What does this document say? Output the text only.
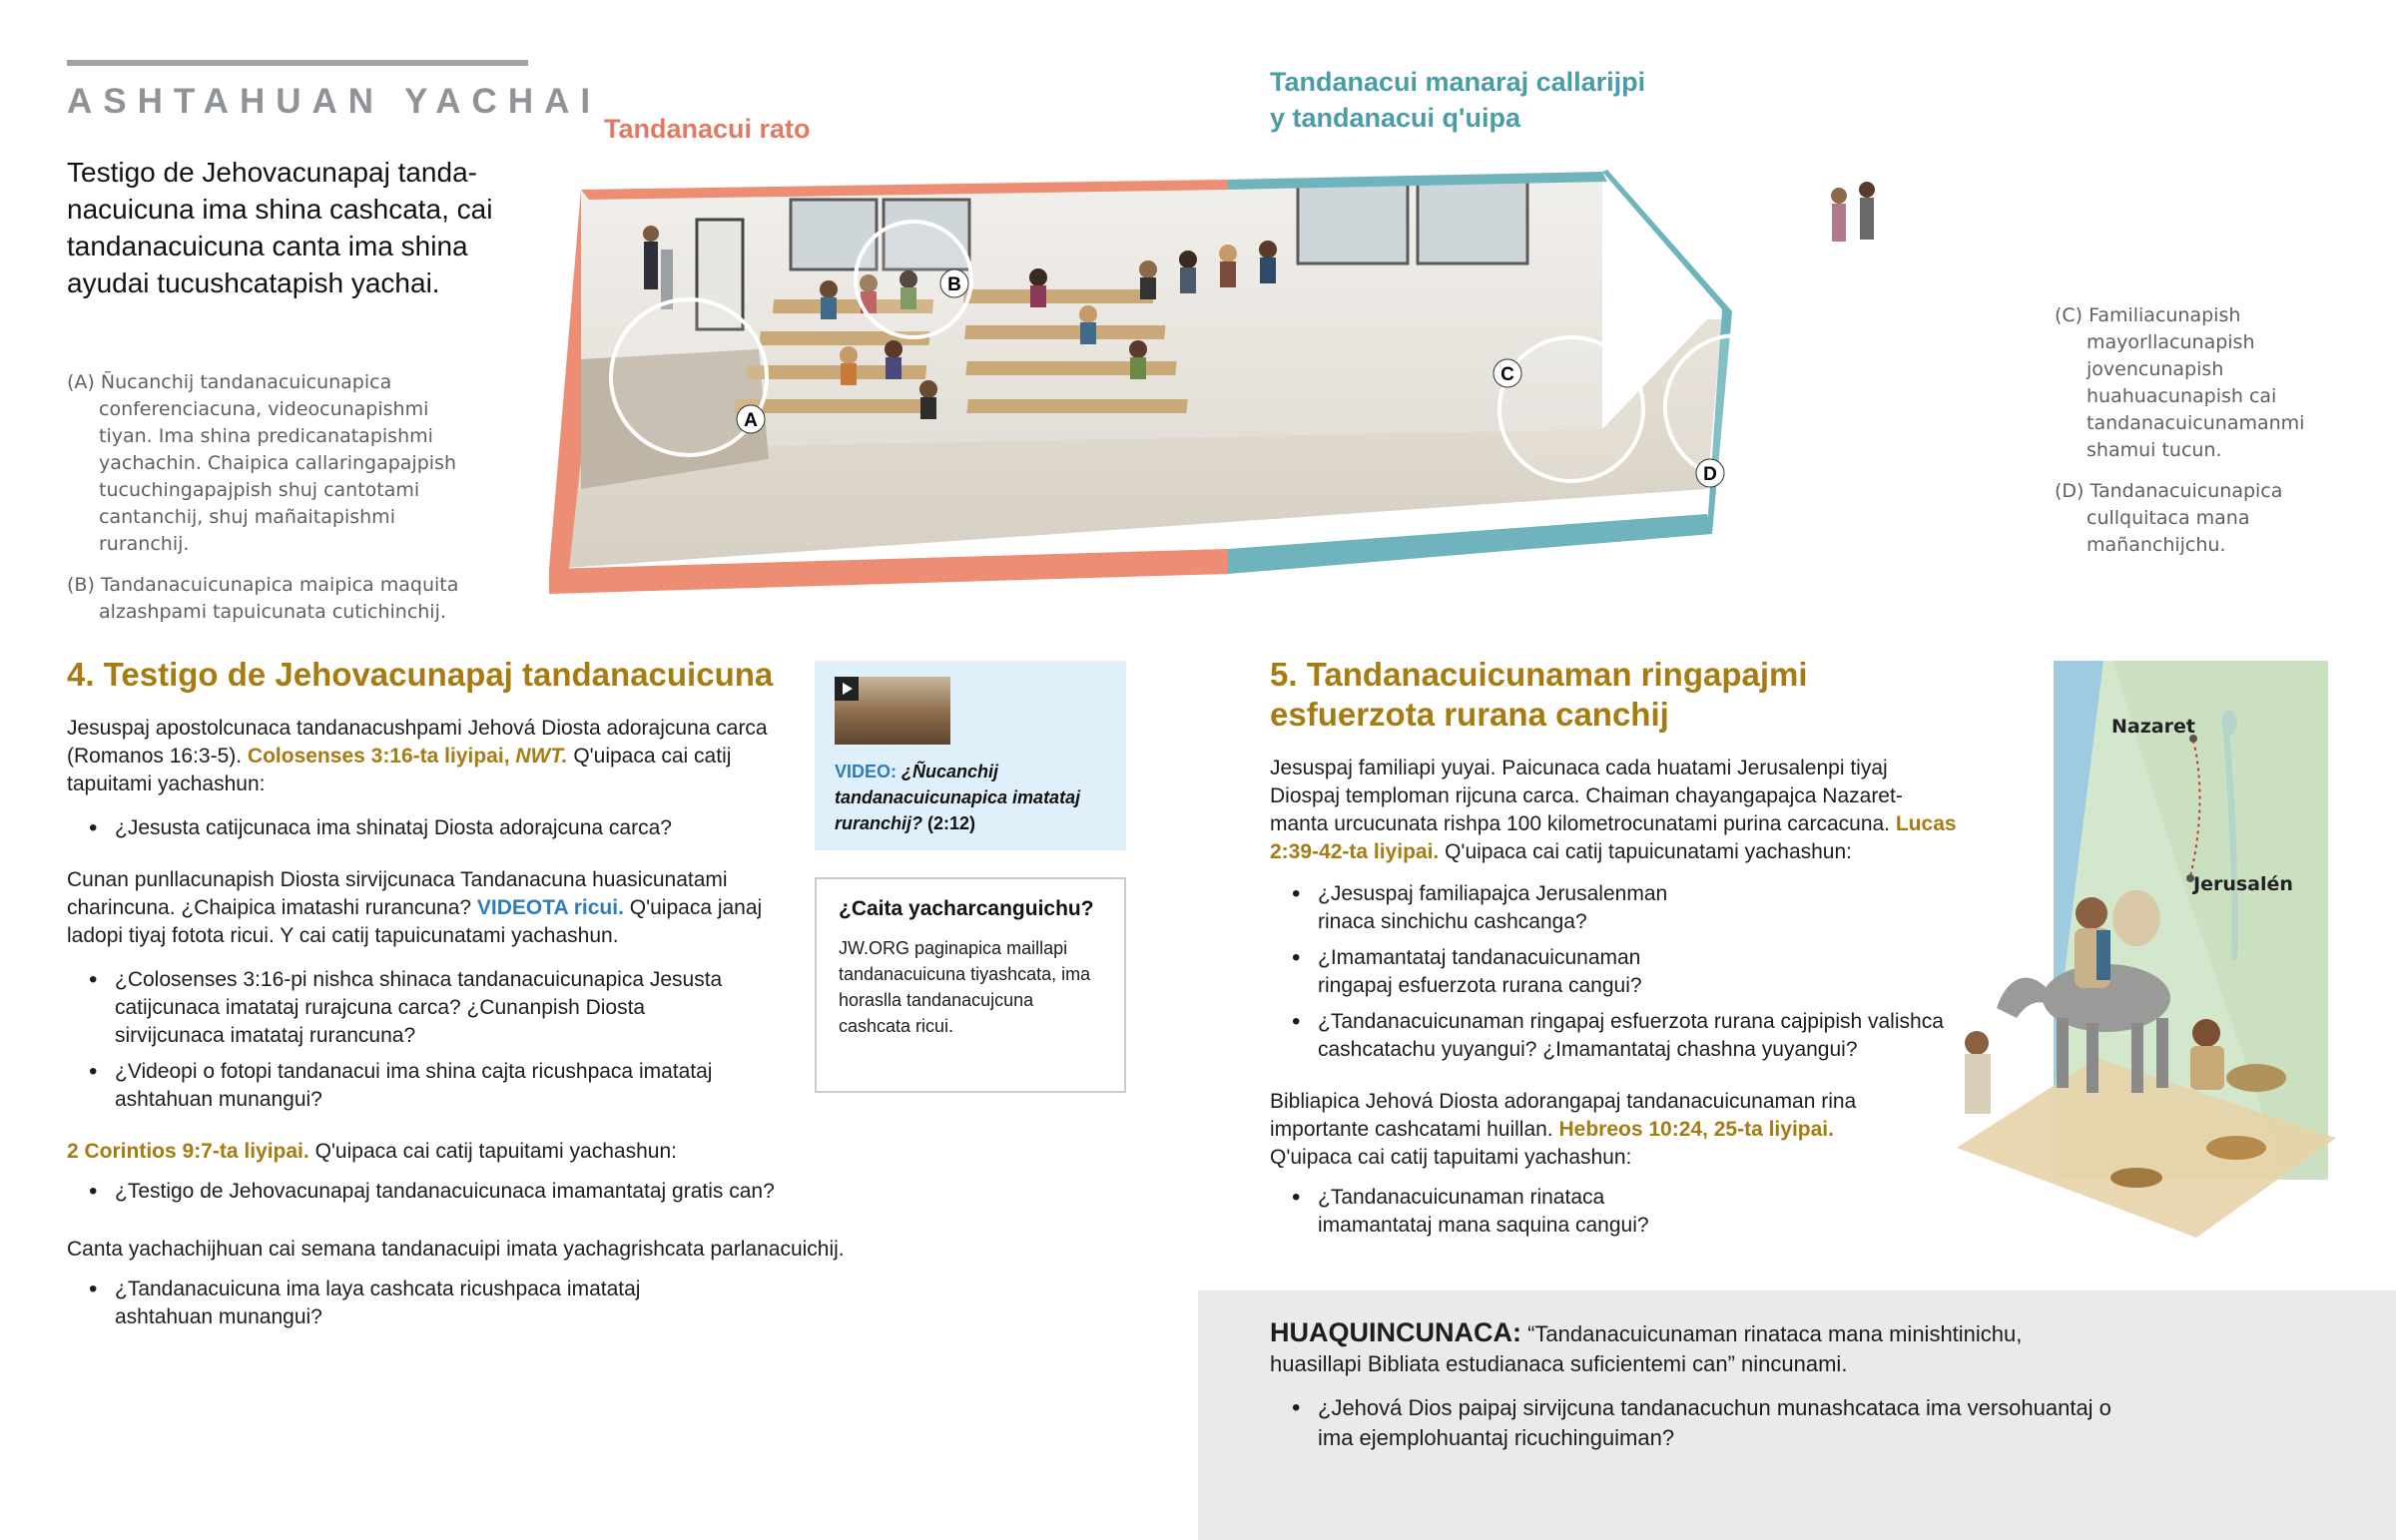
ASHTAHUAN YACHAI
Testigo de Jehovacunapaj tanda- nacuicuna ima shina cashcata, cai tandanacuicuna canta ima shina ayudai tucushcatapish yachai.
(A) Ñucanchij tandanacuicunapica conferenciacuna, videocunapishmi tiyan. Ima shina predicanatapishmi yachachin. Chaipica callaringapajpish tucuchingapajpish shuj cantotami cantanchij, shuj mañaitapishmi ruranchij.
(B) Tandanacuicunapica maipica maquita alzashpami tapuicunata cutichinchij.
(C) Familiacunapish mayorllacunapish jovencunapish huahuacunapish cai tandanacuicunamanmi shamui tucun.
(D) Tandanacuicunapica cullquitaca mana mañanchijchu.
Tandanacui rato
Tandanacui manaraj callarijpi
y tandanacui q'uipa
A
B
C
D
4. Testigo de Jehovacunapaj tandanacuicuna

Jesuspaj apostolcunaca tandanacushpami Jehová Diosta adorajcuna carca (Romanos 16:3-5). Colosenses 3:16-ta liyipai, NWT. Q'uipaca cai catij tapuitami yachashun:

• ¿Jesusta catijcunaca ima shinataj Diosta adorajcuna carca?

Cunan punllacunapish Diosta sirvijcunaca Tandanacuna huasicunatami charincuna. ¿Chaipica imatashi rurancuna? VIDEOTA ricui. Q'uipaca janaj ladopi tiyaj fotota ricui. Y cai catij tapuicunatami yachashun.

• ¿Colosenses 3:16-pi nishca shinaca tandanacuicunapica Jesusta catijcunaca imatataj rurajcuna carca? ¿Cunanpish Diosta sirvijcunaca imatataj rurancuna?
• ¿Videopi o fotopi tandanacui ima shina cajta ricushpaca imatataj ashtahuan munangui?

2 Corintios 9:7-ta liyipai. Q'uipaca cai catij tapuitami yachashun:

• ¿Testigo de Jehovacunapaj tandanacuicunaca imamantataj gratis can?

Canta yachachijhuan cai semana tandanacuipi imata yachagrishcata parlanacuichij.

• ¿Tandanacuicuna ima laya cashcata ricushpaca imatataj ashtahuan munangui?
VIDEO: ¿Ñucanchij tandanacuicunapica imatataj ruranchij? (2:12)
¿Caita yacharcanguichu?
JW.ORG paginapica maillapi tandanacuicuna tiyashcata, ima horaslla tandanacujcuna cashcata ricui.
5. Tandanacuicunaman ringapajmi
esfuerzota rurana canchij

Jesuspaj familiapi yuyai. Paicunaca cada huatami Jerusalenpi tiyaj Diospaj temploman rijcuna carca. Chaiman chayangapajca Nazaret- manta urcucunata rishpa 100 kilometrocunatami purina carcacuna. Lucas 2:39-42-ta liyipai. Q'uipaca cai catij tapuicunatami yachashun:

• ¿Jesuspaj familiapajca Jerusalenman rinaca sinchichu cashcanga?
• ¿Imamantataj tandanacuicunaman ringapaj esfuerzota rurana cangui?
• ¿Tandanacuicunaman ringapaj esfuerzota rurana cajpipish valishca cashcatachu yuyangui? ¿Imamantataj chashna yuyangui?

Bibliapica Jehová Diosta adorangapaj tandanacuicunaman rina importante cashcatami huillan. Hebreos 10:24, 25-ta liyipai. Q'uipaca cai catij tapuitami yachashun:

• ¿Tandanacuicunaman rinataca imamantataj mana saquina cangui?
Nazaret
Jerusalén

HUAQUINCUNACA: “Tandanacuicunaman rinataca mana minishtinichu, huasillapi Bibliata estudianaca suficientemi can” nincunami.

• ¿Jehová Dios paipaj sirvijcuna tandanacuchun munashcataca ima versohuantaj o ima ejemplohuantaj ricuchinguiman?
